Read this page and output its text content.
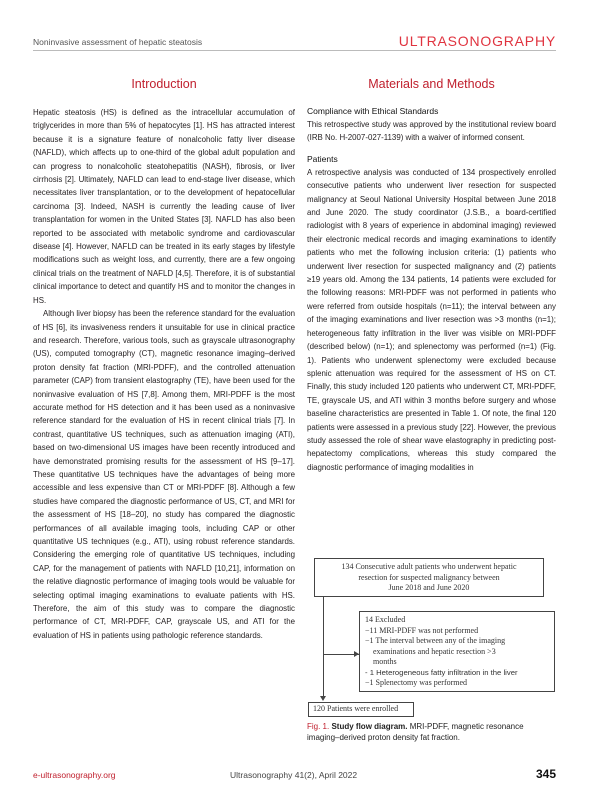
Noninvasive assessment of hepatic steatosis	ULTRASONOGRAPHY
Introduction

Hepatic steatosis (HS) is defined as the intracellular accumulation of triglycerides in more than 5% of hepatocytes [1]. HS has attracted interest because it is a signature feature of nonalcoholic fatty liver disease (NAFLD), which affects up to one-third of the global adult population and can progress to nonalcoholic steatohepatitis (NASH), fibrosis, or liver cirrhosis [2]. Ultimately, NAFLD can lead to end-stage liver disease, which necessitates liver transplantation, or to the development of hepatocellular carcinoma [3]. Indeed, NASH is currently the leading cause of liver transplantation for women in the United States [3]. NAFLD has also been reported to be associated with metabolic syndrome and cardiovascular disease [4]. However, NAFLD can be treated in its early stages by lifestyle modifications such as weight loss, and currently, there are a few ongoing clinical trials on the treatment of NAFLD [4,5]. Therefore, it is of substantial clinical importance to detect and quantify HS and to monitor the changes in HS.

Although liver biopsy has been the reference standard for the evaluation of HS [6], its invasiveness renders it unsuitable for use in clinical practice and research. Therefore, various tools, such as grayscale ultrasonography (US), computed tomography (CT), magnetic resonance imaging–derived proton density fat fraction (MRI-PDFF), and the controlled attenuation parameter (CAP) from transient elastography (TE), have been used for the noninvasive evaluation of HS [7,8]. Among them, MRI-PDFF is the most accurate method for HS detection and it has been used as a noninvasive reference standard for the evaluation of HS in recent clinical trials [7]. In contrast, quantitative US techniques, such as attenuation imaging (ATI), based on two-dimensional US images have been recently introduced and have demonstrated promising results for the assessment of HS [9–17]. These quantitative US techniques have the advantages of being more accessible and less expensive than CT or MRI-PDFF [8]. Although a few studies have compared the diagnostic performance of US, CT, and MRI for the assessment of HS [18–20], no study has compared the diagnostic performances of all available imaging tools, including CAP or other quantitative US techniques (e.g., ATI), using robust reference standards. Considering the emerging role of quantitative US techniques, including CAP, for the management of patients with NAFLD [10,21], information on the relative diagnostic performance of imaging tools would be valuable for selecting optimal imaging examinations to evaluate patients with HS. Therefore, the aim of this study was to compare the diagnostic performance of CT, MRI-PDFF, CAP, grayscale US, and ATI for the evaluation of HS in patients using pathologic reference standards.

Materials and Methods
Compliance with Ethical Standards

This retrospective study was approved by the institutional review board (IRB No. H-2007-027-1139) with a waiver of informed consent.

Patients

A retrospective analysis was conducted of 134 prospectively enrolled consecutive patients who underwent liver resection for suspected malignancy at Seoul National University Hospital between June 2018 and June 2020. The study coordinator (J.S.B., a board-certified radiologist with 8 years of experience in abdominal imaging) reviewed their electronic medical records and imaging examinations to identify patients who met the following inclusion criteria: (1) patients who underwent liver resection for suspected malignancy and (2) patients ≥19 years old. Among the 134 patients, 14 patients were excluded for the following reasons: MRI-PDFF was not performed in patients who were referred from outside hospitals (n=11); the interval between any of the imaging examinations and liver resection was >3 months (n=1); heterogeneous fatty infiltration in the liver was visible on MRI-PDFF (described below) (n=1); and splenectomy was performed (n=1) (Fig. 1). Patients who underwent splenectomy were excluded because splenic attenuation was required for the assessment of HS on CT. Finally, this study included 120 patients who underwent CT, MRI-PDFF, TE, grayscale US, and ATI within 3 months before surgery and whose baseline characteristics are presented in Table 1. Of note, the final 120 patients were assessed in a previous study [22]. However, the previous study assessed the role of shear wave elastography in predicting post-hepatectomy complications, whereas this study compared the diagnostic performance of imaging modalities in

134 Consecutive adult patients who underwent hepatic
resection for suspected malignancy between
June 2018 and June 2020
14 Excluded
−11 MRI-PDFF was not performed
−1 The interval between any of the imaging
examinations and hepatic resection >3
months
- 1 Heterogeneous fatty infiltration in the liver
−1 Splenectomy was performed
120 Patients were enrolled
Fig. 1. Study flow diagram. MRI-PDFF, magnetic resonance imaging–derived proton density fat fraction.
e-ultrasonography.org	Ultrasonography 41(2), April 2022	345
